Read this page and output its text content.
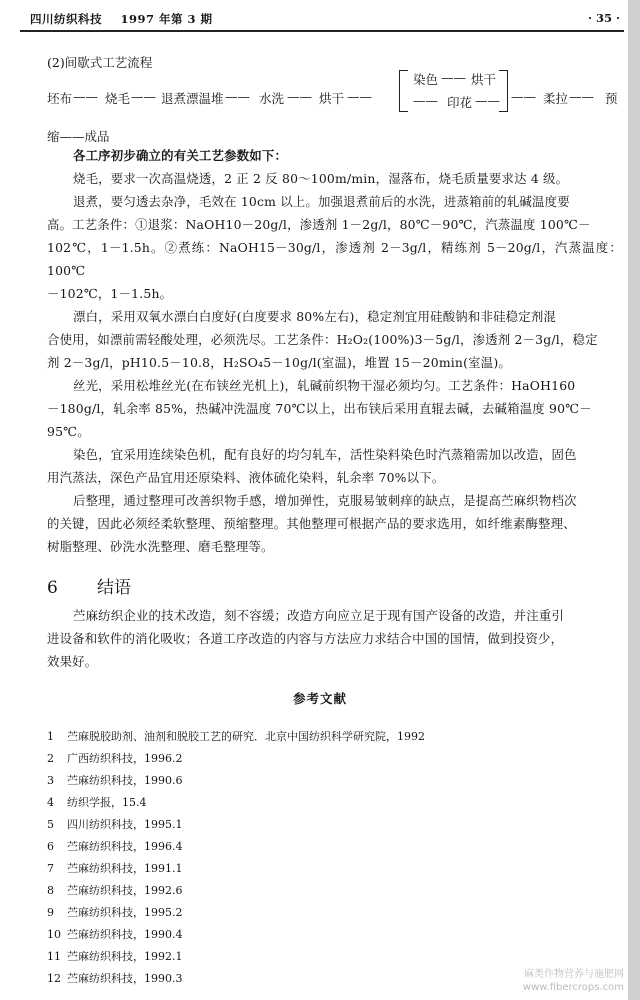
四川纺织科技 1997 年第 3 期	· 35 ·
(2)间歇式工艺流程
坯布 —— 烧毛 —— 退煮漂温堆 —— 水洗 —— 烘干 ——
染色 —— 烘干
—— 印花 —— —— 柔拉 —— 预
缩——成品

各工序初步确立的有关工艺参数如下：

烧毛，要求一次高温烧透，2 正 2 反 80～100m/min，湿落布，烧毛质量要求达 4 级。

退煮，要匀透去杂净，毛效在 10cm 以上。加强退煮前后的水洗，进蒸箱前的轧碱温度要

高。工艺条件：①退浆：NaOH10－20g/l，渗透剂 1－2g/l，80℃－90℃，汽蒸温度 100℃－

102℃，1－1.5h。②煮练：NaOH15－30g/l，渗透剂 2－3g/l，精练剂 5－20g/l，汽蒸温度：100℃

－102℃，1－1.5h。

漂白，采用双氧水漂白白度好(白度要求 80%左右)，稳定剂宜用硅酸钠和非硅稳定剂混

合使用，如漂前需轻酸处理，必须洗尽。工艺条件：H₂O₂(100%)3－5g/l，渗透剂 2－3g/l，稳定

剂 2－3g/l，pH10.5－10.8，H₂SO₄5－10g/l(室温)，堆置 15－20min(室温)。

丝光，采用松堆丝光(在布铗丝光机上)，轧碱前织物干湿必须均匀。工艺条件：HaOH160

－180g/l，轧余率 85%，热碱冲洗温度 70℃以上，出布铗后采用直辊去碱，去碱箱温度 90℃－

95℃。

染色，宜采用连续染色机，配有良好的均匀轧车，活性染料染色时汽蒸箱需加以改造，固色

用汽蒸法，深色产品宜用还原染料、液体硫化染料，轧余率 70%以下。

后整理，通过整理可改善织物手感，增加弹性，克服易皱刺痒的缺点，是提高苎麻织物档次

的关键，因此必须经柔软整理、预缩整理。其他整理可根据产品的要求选用，如纤维素酶整理、

树脂整理、砂洗水洗整理、磨毛整理等。

6 结语

苎麻纺织企业的技术改造，刻不容缓；改造方向应立足于现有国产设备的改造，并注重引

进设备和软件的消化吸收；各道工序改造的内容与方法应力求结合中国的国情，做到投资少，

效果好。

参考文献
1 苎麻脱胶助剂、油剂和脱胶工艺的研究．北京中国纺织科学研究院，1992
2 广西纺织科技，1996.2
3 苎麻纺织科技，1990.6
4 纺织学报，15.4
5 四川纺织科技，1995.1
6 苎麻纺织科技，1996.4
7 苎麻纺织科技，1991.1
8 苎麻纺织科技，1992.6
9 苎麻纺织科技，1995.2
10 苎麻纺织科技，1990.4
11 苎麻纺织科技，1992.1
12 苎麻纺织科技，1990.3	麻类作物营养与施肥网
www.fibercrops.com
